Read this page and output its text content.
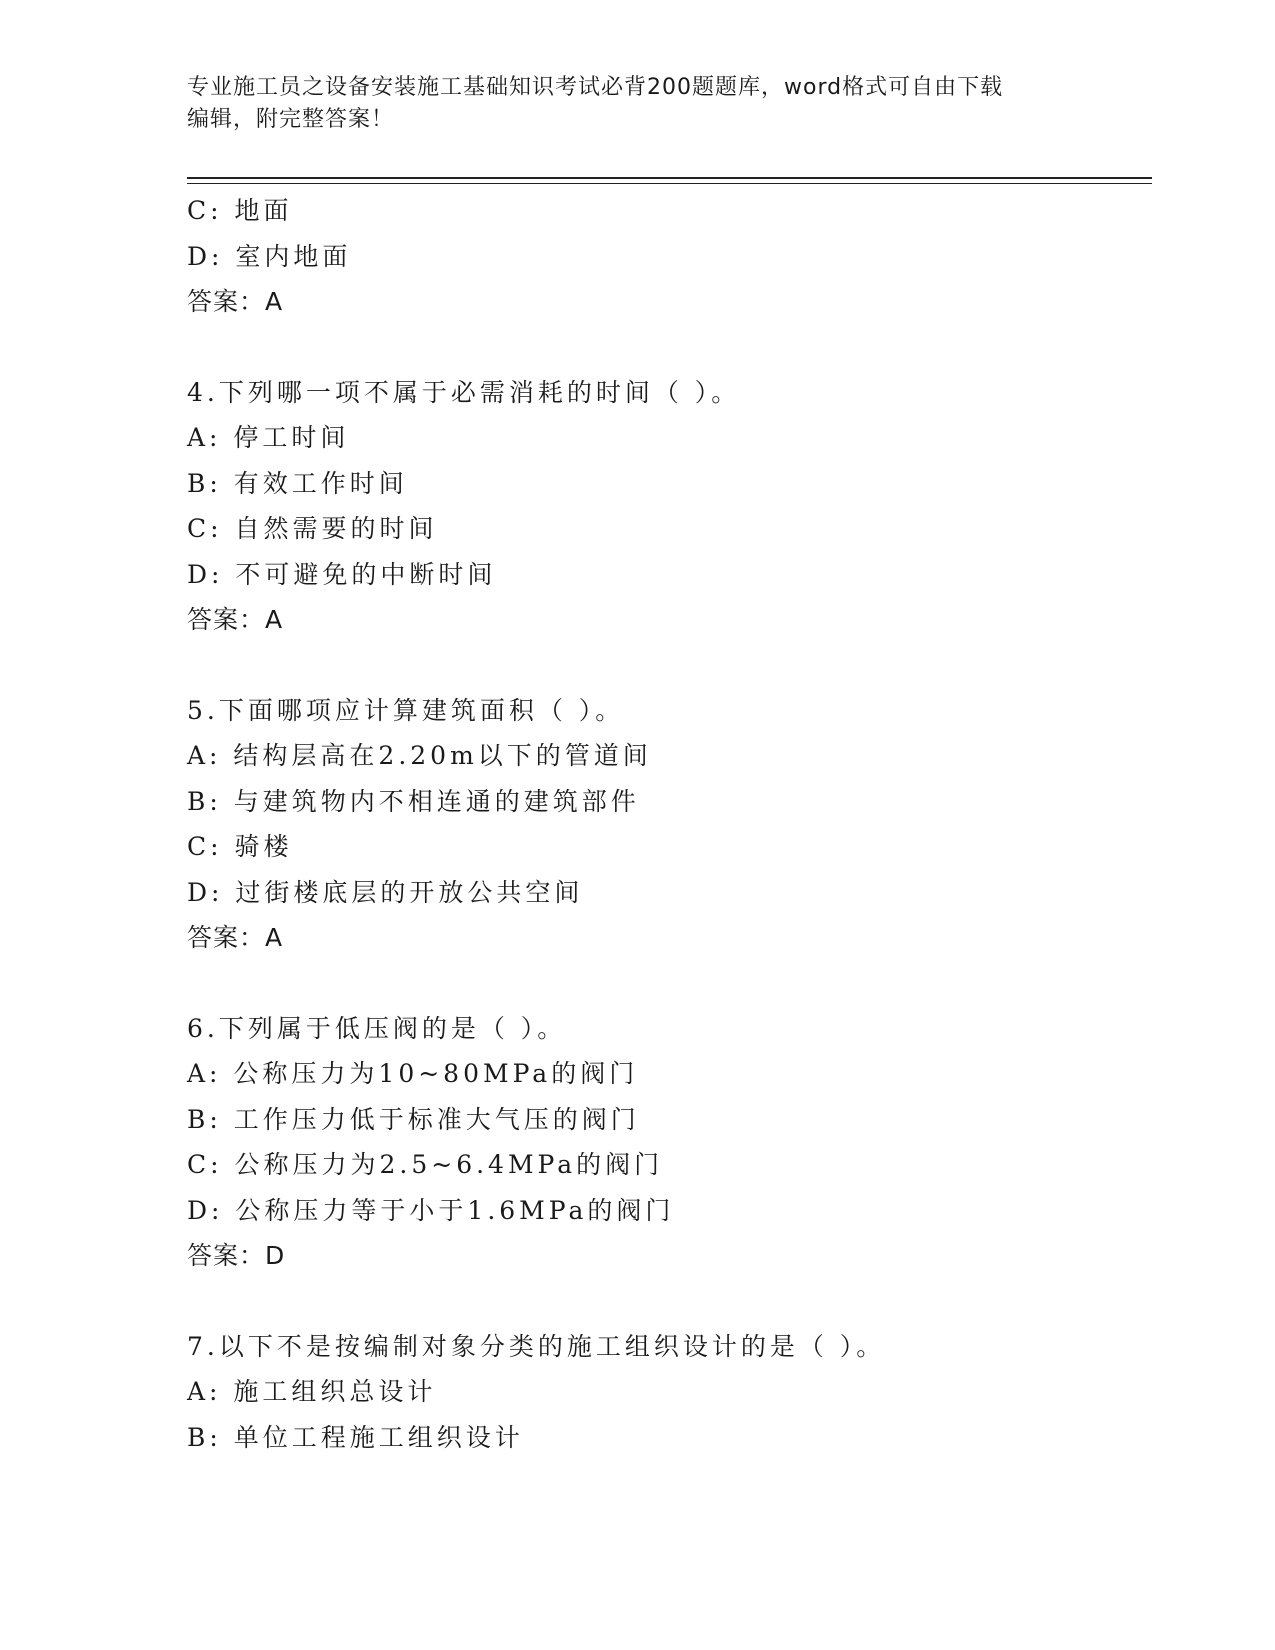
专业施工员之设备安装施工基础知识考试必背200题题库，word格式可自由下载
编辑，附完整答案！
C: 地面
D: 室内地面
答案：A
4.下列哪一项不属于必需消耗的时间（ ）。
A: 停工时间
B: 有效工作时间
C: 自然需要的时间
D: 不可避免的中断时间
答案：A
5.下面哪项应计算建筑面积（ ）。
A: 结构层高在2.20m以下的管道间
B: 与建筑物内不相连通的建筑部件
C: 骑楼
D: 过街楼底层的开放公共空间
答案：A
6.下列属于低压阀的是（ ）。
A: 公称压力为10~80MPa的阀门
B: 工作压力低于标准大气压的阀门
C: 公称压力为2.5~6.4MPa的阀门
D: 公称压力等于小于1.6MPa的阀门
答案：D
7.以下不是按编制对象分类的施工组织设计的是（ ）。
A: 施工组织总设计
B: 单位工程施工组织设计
